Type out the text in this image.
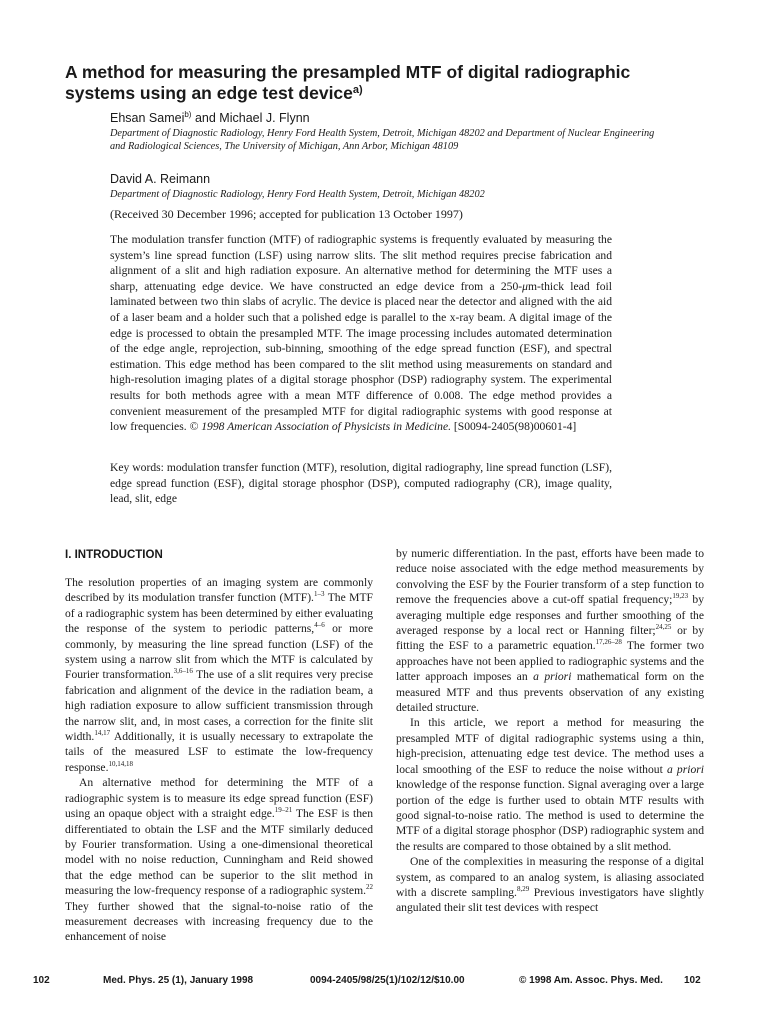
A method for measuring the presampled MTF of digital radiographic systems using an edge test device$^{a)}$

Ehsan Samei$^{b)}$ and Michael J. Flynn

Department of Diagnostic Radiology, Henry Ford Health System, Detroit, Michigan 48202 and Department of Nuclear Engineering and Radiological Sciences, The University of Michigan, Ann Arbor, Michigan 48109

David A. Reimann

Department of Diagnostic Radiology, Henry Ford Health System, Detroit, Michigan 48202

(Received 30 December 1996; accepted for publication 13 October 1997)

The modulation transfer function (MTF) of radiographic systems is frequently evaluated by measuring the system’s line spread function (LSF) using narrow slits. The slit method requires precise fabrication and alignment of a slit and high radiation exposure. An alternative method for determining the MTF uses a sharp, attenuating edge device. We have constructed an edge device from a 250-μm-thick lead foil laminated between two thin slabs of acrylic. The device is placed near the detector and aligned with the aid of a laser beam and a holder such that a polished edge is parallel to the x-ray beam. A digital image of the edge is processed to obtain the presampled MTF. The image processing includes automated determination of the edge angle, reprojection, sub-binning, smoothing of the edge spread function (ESF), and spectral estimation. This edge method has been compared to the slit method using measurements on standard and high-resolution imaging plates of a digital storage phosphor (DSP) radiography system. The experimental results for both methods agree with a mean MTF difference of 0.008. The edge method provides a convenient measurement of the presampled MTF for digital radiographic systems with good response at low frequencies. © 1998 American Association of Physicists in Medicine. [S0094-2405(98)00601-4]

Key words: modulation transfer function (MTF), resolution, digital radiography, line spread function (LSF), edge spread function (ESF), digital storage phosphor (DSP), computed radiography (CR), image quality, lead, slit, edge

I. INTRODUCTION

The resolution properties of an imaging system are commonly described by its modulation transfer function (MTF).$^{1-3}$ The MTF of a radiographic system has been determined by either evaluating the response of the system to periodic patterns,$^{4-6}$ or more commonly, by measuring the line spread function (LSF) of the system using a narrow slit from which the MTF is calculated by Fourier transformation.$^{3,6-16}$ The use of a slit requires very precise fabrication and alignment of the device in the radiation beam, a high radiation exposure to allow sufficient transmission through the narrow slit, and, in most cases, a correction for the finite slit width.$^{14,17}$ Additionally, it is usually necessary to extrapolate the tails of the measured LSF to estimate the low-frequency response.$^{10,14,18}$

An alternative method for determining the MTF of a radiographic system is to measure its edge spread function (ESF) using an opaque object with a straight edge.$^{19-21}$ The ESF is then differentiated to obtain the LSF and the MTF similarly deduced by Fourier transformation. Using a one-dimensional theoretical model with no noise reduction, Cunningham and Reid showed that the edge method can be superior to the slit method in measuring the low-frequency response of a radiographic system.$^{22}$ They further showed that the signal-to-noise ratio of the measurement decreases with increasing frequency due to the enhancement of noise

by numeric differentiation. In the past, efforts have been made to reduce noise associated with the edge method measurements by convolving the ESF by the Fourier transform of a step function to remove the frequencies above a cut-off spatial frequency;$^{19,23}$ by averaging multiple edge responses and further smoothing of the averaged response by a local rect or Hanning filter;$^{24,25}$ or by fitting the ESF to a parametric equation.$^{17,26-28}$ The former two approaches have not been applied to radiographic systems and the latter approach imposes an a priori mathematical form on the measured MTF and thus prevents observation of any existing detailed structure.

In this article, we report a method for measuring the presampled MTF of digital radiographic systems using a thin, high-precision, attenuating edge test device. The method uses a local smoothing of the ESF to reduce the noise without a priori knowledge of the response function. Signal averaging over a large portion of the edge is further used to obtain MTF results with good signal-to-noise ratio. The method is used to determine the MTF of a digital storage phosphor (DSP) radiographic system and the results are compared to those obtained by a slit method.

One of the complexities in measuring the response of a digital system, as compared to an analog system, is aliasing associated with a discrete sampling.$^{8,29}$ Previous investigators have slightly angulated their slit test devices with respect

102	Med. Phys. 25 (1), January 1998	0094-2405/98/25(1)/102/12/$10.00	© 1998 Am. Assoc. Phys. Med. 102
